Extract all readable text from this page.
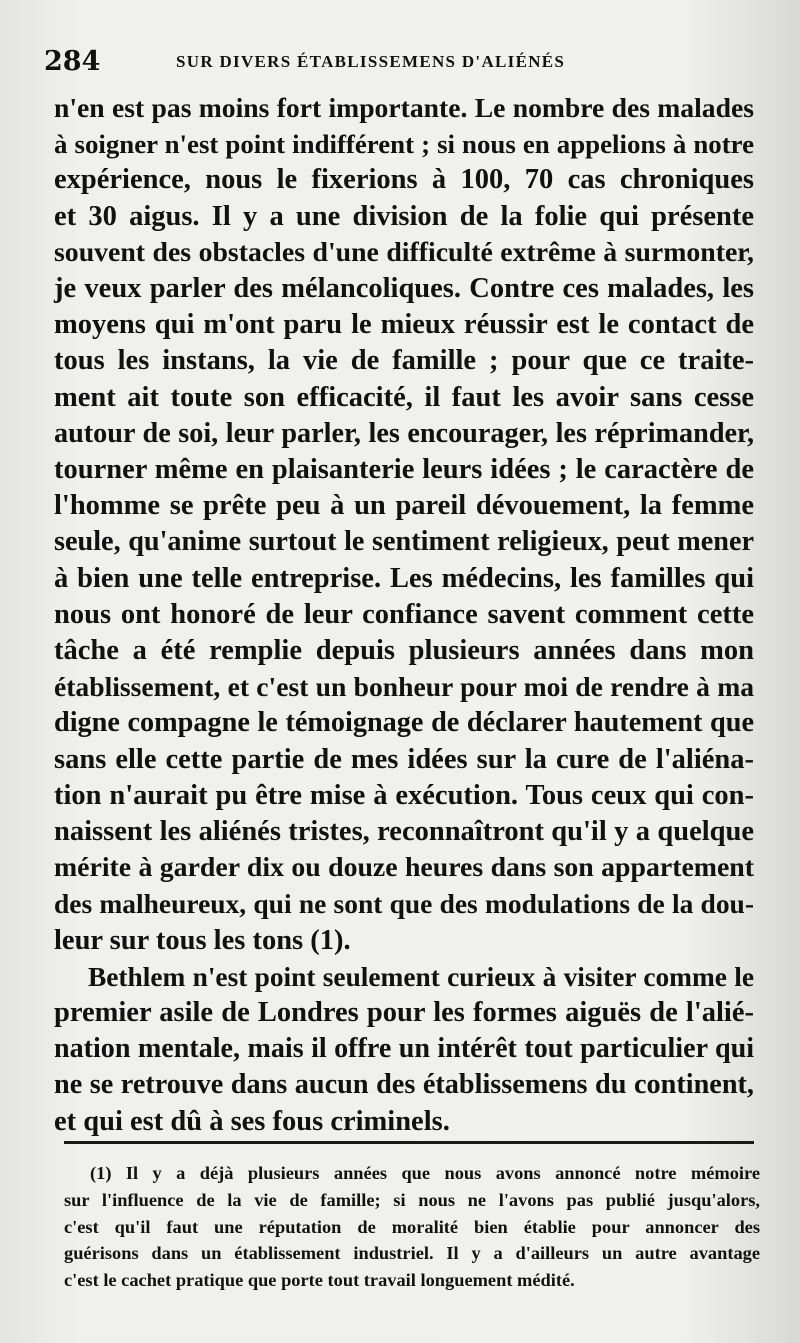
284	SUR DIVERS ÉTABLISSEMENS D'ALIÉNÉS

n'en est pas moins fort importante. Le nombre des malades
à soigner n'est point indifférent ; si nous en appelions à notre
expérience, nous le fixerions à 100, 70 cas chroniques
et 30 aigus. Il y a une division de la folie qui présente
souvent des obstacles d'une difficulté extrême à surmonter,
je veux parler des mélancoliques. Contre ces malades, les
moyens qui m'ont paru le mieux réussir est le contact de
tous les instans, la vie de famille ; pour que ce traite-
ment ait toute son efficacité, il faut les avoir sans cesse
autour de soi, leur parler, les encourager, les réprimander,
tourner même en plaisanterie leurs idées ; le caractère de
l'homme se prête peu à un pareil dévouement, la femme
seule, qu'anime surtout le sentiment religieux, peut mener
à bien une telle entreprise. Les médecins, les familles qui
nous ont honoré de leur confiance savent comment cette
tâche a été remplie depuis plusieurs années dans mon
établissement, et c'est un bonheur pour moi de rendre à ma
digne compagne le témoignage de déclarer hautement que
sans elle cette partie de mes idées sur la cure de l'aliéna-
tion n'aurait pu être mise à exécution. Tous ceux qui con-
naissent les aliénés tristes, reconnaîtront qu'il y a quelque
mérite à garder dix ou douze heures dans son appartement
des malheureux, qui ne sont que des modulations de la dou-
leur sur tous les tons (1).

Bethlem n'est point seulement curieux à visiter comme le
premier asile de Londres pour les formes aiguës de l'alié-
nation mentale, mais il offre un intérêt tout particulier qui
ne se retrouve dans aucun des établissemens du continent,
et qui est dû à ses fous criminels.

(1) Il y a déjà plusieurs années que nous avons annoncé notre mémoire
sur l'influence de la vie de famille; si nous ne l'avons pas publié jusqu'alors,
c'est qu'il faut une réputation de moralité bien établie pour annoncer des
guérisons dans un établissement industriel. Il y a d'ailleurs un autre avantage
c'est le cachet pratique que porte tout travail longuement médité.
